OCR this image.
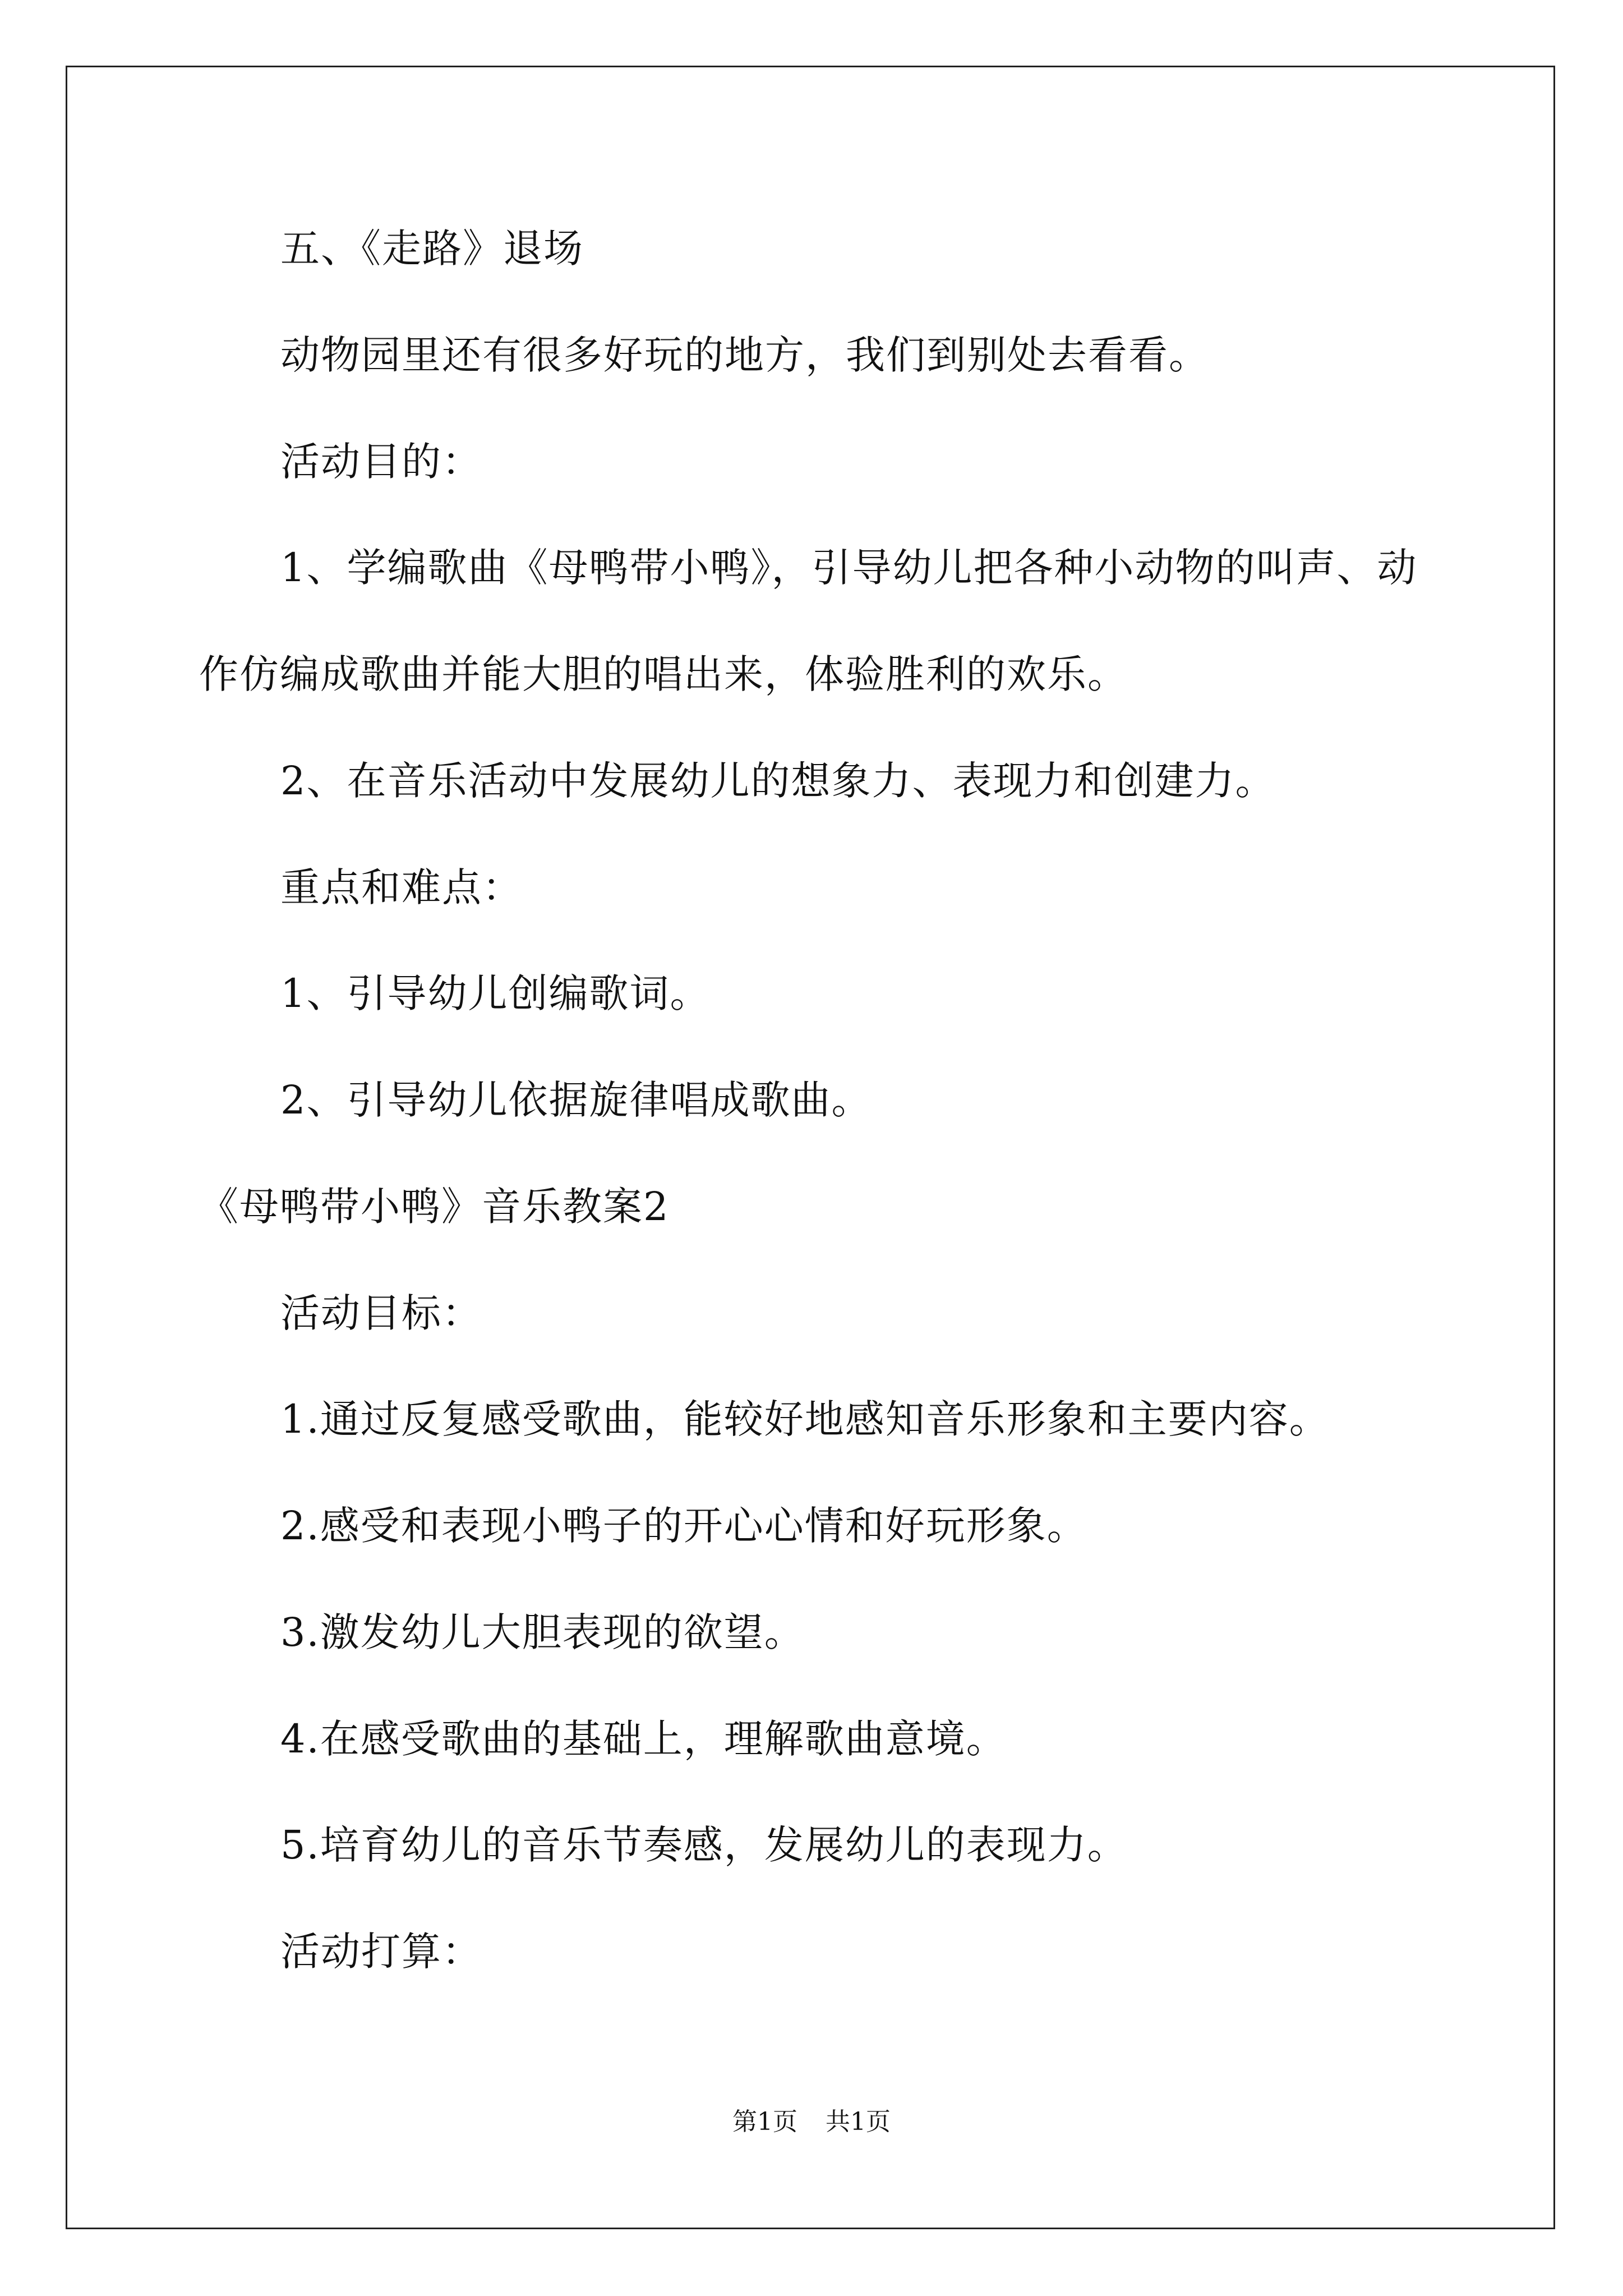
五、《走路》退场
动物园里还有很多好玩的地方，我们到别处去看看。
活动目的：
1、学编歌曲《母鸭带小鸭》，引导幼儿把各种小动物的叫声、动
作仿编成歌曲并能大胆的唱出来，体验胜利的欢乐。
2、在音乐活动中发展幼儿的想象力、表现力和创建力。
重点和难点：
1、引导幼儿创编歌词。
2、引导幼儿依据旋律唱成歌曲。
《母鸭带小鸭》音乐教案2
活动目标：
1.通过反复感受歌曲，能较好地感知音乐形象和主要内容。
2.感受和表现小鸭子的开心心情和好玩形象。
3.激发幼儿大胆表现的欲望。
4.在感受歌曲的基础上，理解歌曲意境。
5.培育幼儿的音乐节奏感，发展幼儿的表现力。
活动打算：
第1页 共1页
